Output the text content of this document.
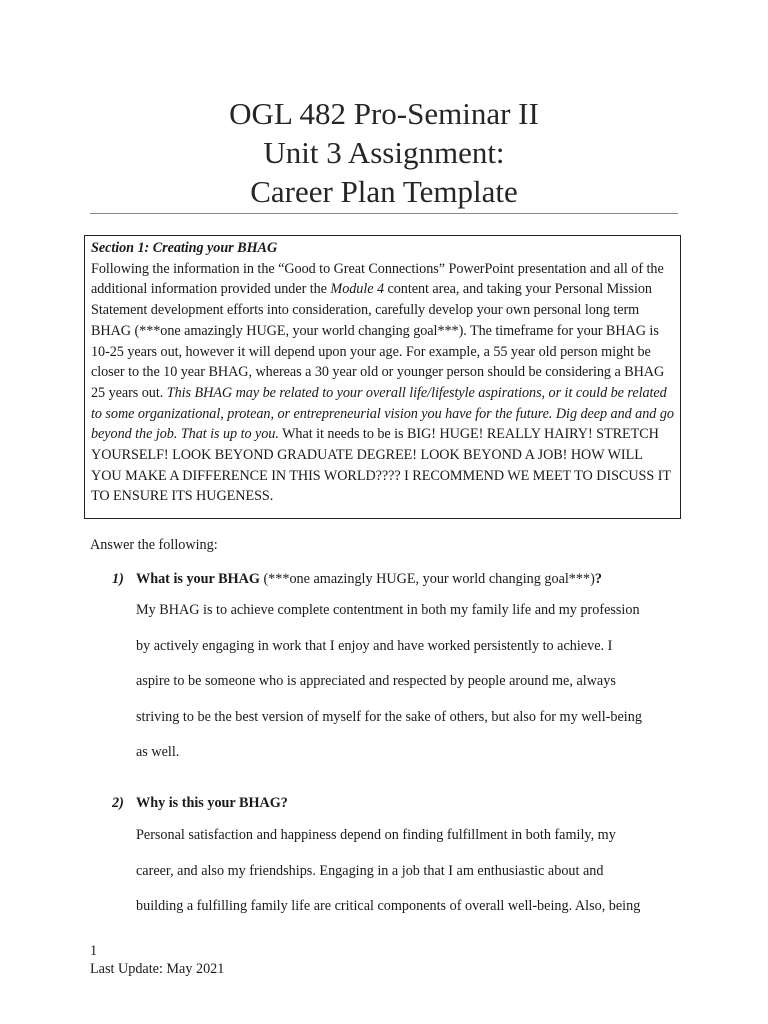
OGL 482 Pro-Seminar II
Unit 3 Assignment:
Career Plan Template
Section 1: Creating your BHAG
Following the information in the “Good to Great Connections” PowerPoint presentation and all of the additional information provided under the Module 4 content area, and taking your Personal Mission Statement development efforts into consideration, carefully develop your own personal long term BHAG (***one amazingly HUGE, your world changing goal***). The timeframe for your BHAG is 10-25 years out, however it will depend upon your age. For example, a 55 year old person might be closer to the 10 year BHAG, whereas a 30 year old or younger person should be considering a BHAG 25 years out. This BHAG may be related to your overall life/lifestyle aspirations, or it could be related to some organizational, protean, or entrepreneurial vision you have for the future. Dig deep and and go beyond the job. That is up to you. What it needs to be is BIG! HUGE! REALLY HAIRY! STRETCH YOURSELF! LOOK BEYOND GRADUATE DEGREE! LOOK BEYOND A JOB! HOW WILL YOU MAKE A DIFFERENCE IN THIS WORLD???? I RECOMMEND WE MEET TO DISCUSS IT TO ENSURE ITS HUGENESS.
Answer the following:
1) What is your BHAG (***one amazingly HUGE, your world changing goal***)?
My BHAG is to achieve complete contentment in both my family life and my profession
by actively engaging in work that I enjoy and have worked persistently to achieve. I
aspire to be someone who is appreciated and respected by people around me, always
striving to be the best version of myself for the sake of others, but also for my well-being
as well.
2) Why is this your BHAG?
Personal satisfaction and happiness depend on finding fulfillment in both family, my
career, and also my friendships. Engaging in a job that I am enthusiastic about and
building a fulfilling family life are critical components of overall well-being. Also, being
1
Last Update: May 2021
